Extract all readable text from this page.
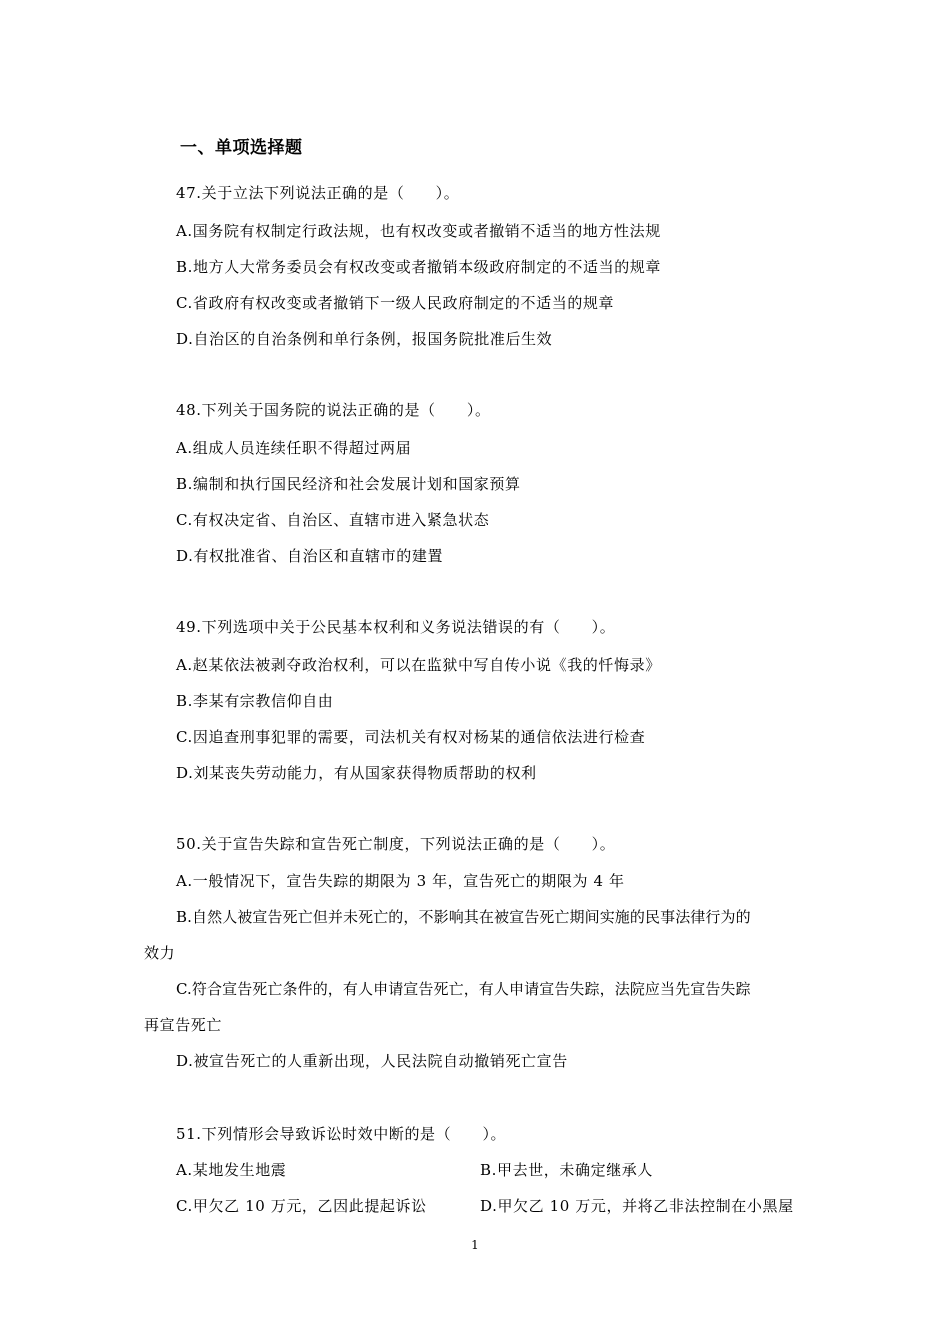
一、单项选择题
47.关于立法下列说法正确的是（　　）。
A.国务院有权制定行政法规，也有权改变或者撤销不适当的地方性法规
B.地方人大常务委员会有权改变或者撤销本级政府制定的不适当的规章
C.省政府有权改变或者撤销下一级人民政府制定的不适当的规章
D.自治区的自治条例和单行条例，报国务院批准后生效
48.下列关于国务院的说法正确的是（　　）。
A.组成人员连续任职不得超过两届
B.编制和执行国民经济和社会发展计划和国家预算
C.有权决定省、自治区、直辖市进入紧急状态
D.有权批准省、自治区和直辖市的建置
49.下列选项中关于公民基本权利和义务说法错误的有（　　）。
A.赵某依法被剥夺政治权利，可以在监狱中写自传小说《我的忏悔录》
B.李某有宗教信仰自由
C.因追查刑事犯罪的需要，司法机关有权对杨某的通信依法进行检查
D.刘某丧失劳动能力，有从国家获得物质帮助的权利
50.关于宣告失踪和宣告死亡制度，下列说法正确的是（　　）。
A.一般情况下，宣告失踪的期限为 3 年，宣告死亡的期限为 4 年
B.自然人被宣告死亡但并未死亡的，不影响其在被宣告死亡期间实施的民事法律行为的
效力
C.符合宣告死亡条件的，有人申请宣告死亡，有人申请宣告失踪，法院应当先宣告失踪
再宣告死亡
D.被宣告死亡的人重新出现，人民法院自动撤销死亡宣告
51.下列情形会导致诉讼时效中断的是（　　）。
A.某地发生地震	B.甲去世，未确定继承人
C.甲欠乙 10 万元，乙因此提起诉讼	D.甲欠乙 10 万元，并将乙非法控制在小黑屋
1
